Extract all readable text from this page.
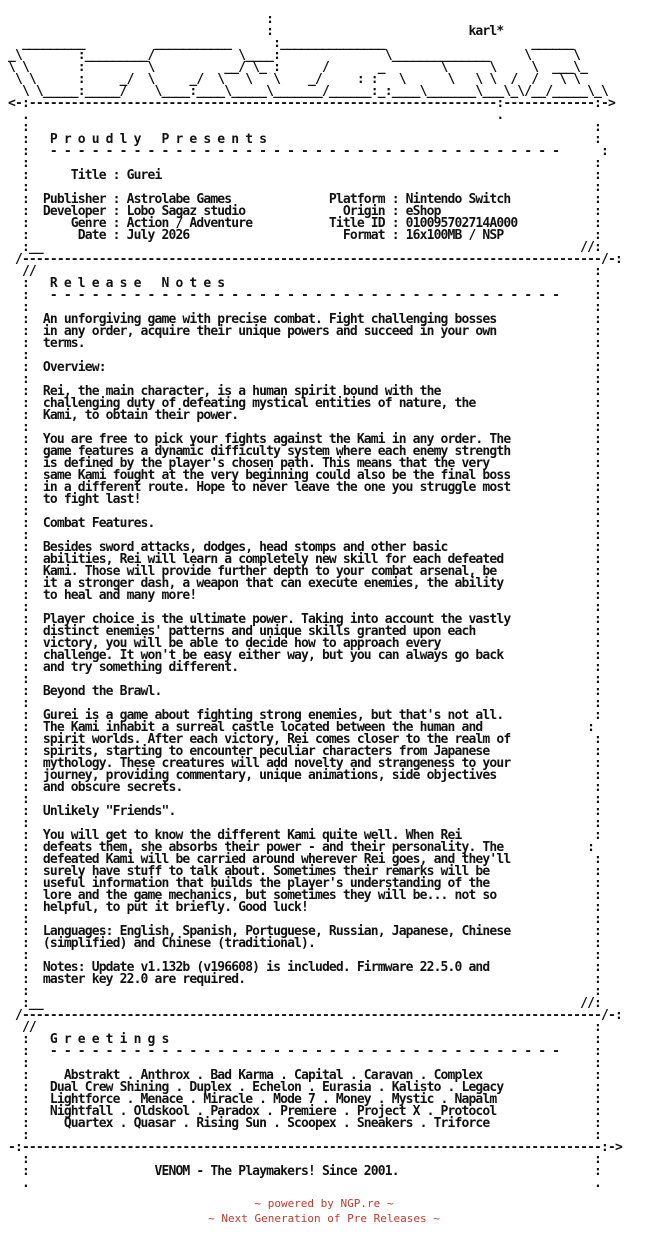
:
:                            karl*
_________          ___________      :_______________                     ______
_\        :_________/            \____:               \______________     \      \
\ \       :         \          __/ \_ :      /       _        \      \     \  ___\_
\ \      :     _/  \     _/  \   \   \    _/     : :   \      \   \ \  /  /   \ \
\ \_____:_____/    \____:____\_____\_______/______:_:____\_______\___\_\/__/_____\_\
<-:-------------------------------------------------------------------:-------------:->
.                                                                   .
:                                                                                 :
:   P r o u d l y   P r e s e n t s                                               :
:   - - - - - - - - - - - - - - - - - - - - - - - - - - - - - - - - - - - - -      :
:                                                                                 :
:      Title : Gurei                                                              :
:                                                                                 :
:  Publisher : Astrolabe Games              Platform : Nintendo Switch            :
:  Developer : Lobo Sagaz studio              Origin : eShop                      :
:      Genre : Action / Adventure           Title ID : 010095702714A000           :
:       Date : July 2026                      Format : 16x100MB / NSP             :
:__                                                                             //:
/-----------------------------------------------------------------------------------/-:
//                                                                                :
:   R e l e a s e   N o t e s                                                     :
:   - - - - - - - - - - - - - - - - - - - - - - - - - - - - - - - - - - - - -     :
:                                                                                 :
:  An unforgiving game with precise combat. Fight challenging bosses              :
:  in any order, acquire their unique powers and succeed in your own              :
:  terms.                                                                         :
:                                                                                 :
:  Overview:                                                                      :
:                                                                                 :
:  Rei, the main character, is a human spirit bound with the                      :
:  challenging duty of defeating mystical entities of nature, the                 :
:  Kami, to obtain their power.                                                   :
:                                                                                 :
:  You are free to pick your fights against the Kami in any order. The            :
:  game features a dynamic difficulty system where each enemy strength            :
:  is defined by the player's chosen path. This means that the very               :
:  same Kami fought at the very beginning could also be the final boss            :
:  in a different route. Hope to never leave the one you struggle most            :
:  to fight last!                                                                 :
:                                                                                 :
:  Combat Features.                                                               :
:                                                                                 :
:  Besides sword attacks, dodges, head stomps and other basic                     :
:  abilities, Rei will learn a completely new skill for each defeated             :
:  Kami. Those will provide further depth to your combat arsenal, be              :
:  it a stronger dash, a weapon that can execute enemies, the ability             :
:  to heal and many more!                                                         :
:                                                                                 :
:  Player choice is the ultimate power. Taking into account the vastly            :
:  distinct enemies' patterns and unique skills granted upon each                 :
:  victory, you will be able to decide how to approach every                      :
:  challenge. It won't be easy either way, but you can always go back             :
:  and try something different.                                                   :
:                                                                                 :
:  Beyond the Brawl.                                                              :
:                                                                                 :
:  Gurei is a game about fighting strong enemies, but that's not all.             :
:  The Kami inhabit a surreal castle located between the human and               :
:  spirit worlds. After each victory, Rei comes closer to the realm of            :
:  spirits, starting to encounter peculiar characters from Japanese               :
:  mythology. These creatures will add novelty and strangeness to your            :
:  journey, providing commentary, unique animations, side objectives              :
:  and obscure secrets.                                                           :
:                                                                                 :
:  Unlikely "Friends".                                                            :
:                                                                                 :
:  You will get to know the different Kami quite well. When Rei                   :
:  defeats them, she absorbs their power - and their personality. The            :
:  defeated Kami will be carried around wherever Rei goes, and they'll            :
:  surely have stuff to talk about. Sometimes their remarks will be               :
:  useful information that builds the player's understanding of the               :
:  lore and the game mechanics, but sometimes they will be... not so              :
:  helpful, to put it briefly. Good luck!                                         :
:                                                                                 :
:  Languages: English, Spanish, Portuguese, Russian, Japanese, Chinese            :
:  (simplified) and Chinese (traditional).                                        :
:                                                                                 :
:  Notes: Update v1.132b (v196608) is included. Firmware 22.5.0 and               :
:  master key 22.0 are required.                                                  :
:                                                                                 :
:__                                                                             //:
/-----------------------------------------------------------------------------------/-:
//                                                                                :
:   G r e e t i n g s                                                             :
:   - - - - - - - - - - - - - - - - - - - - - - - - - - - - - - - - - - - - -     :
:                                                                                 :
:     Abstrakt . Anthrox . Bad Karma . Capital . Caravan . Complex                :
:   Dual Crew Shining . Duplex . Echelon . Eurasia . Kalisto . Legacy             :
:   Lightforce . Menace . Miracle . Mode 7 . Money . Mystic . Napalm              :
:   Nightfall . Oldskool . Paradox . Premiere . Project X . Protocol              :
:     Quartex . Quasar . Rising Sun . Scoopex . Sneakers . Triforce               :
:                                                                                 :
-:-----------------------------------------------------------------------------------:->
:                                                                                 :
:                  VENOM - The Playmakers! Since 2001.                            :
.                                                                                 .

~ powered by NGP.re ~
~ Next Generation of Pre Releases ~
